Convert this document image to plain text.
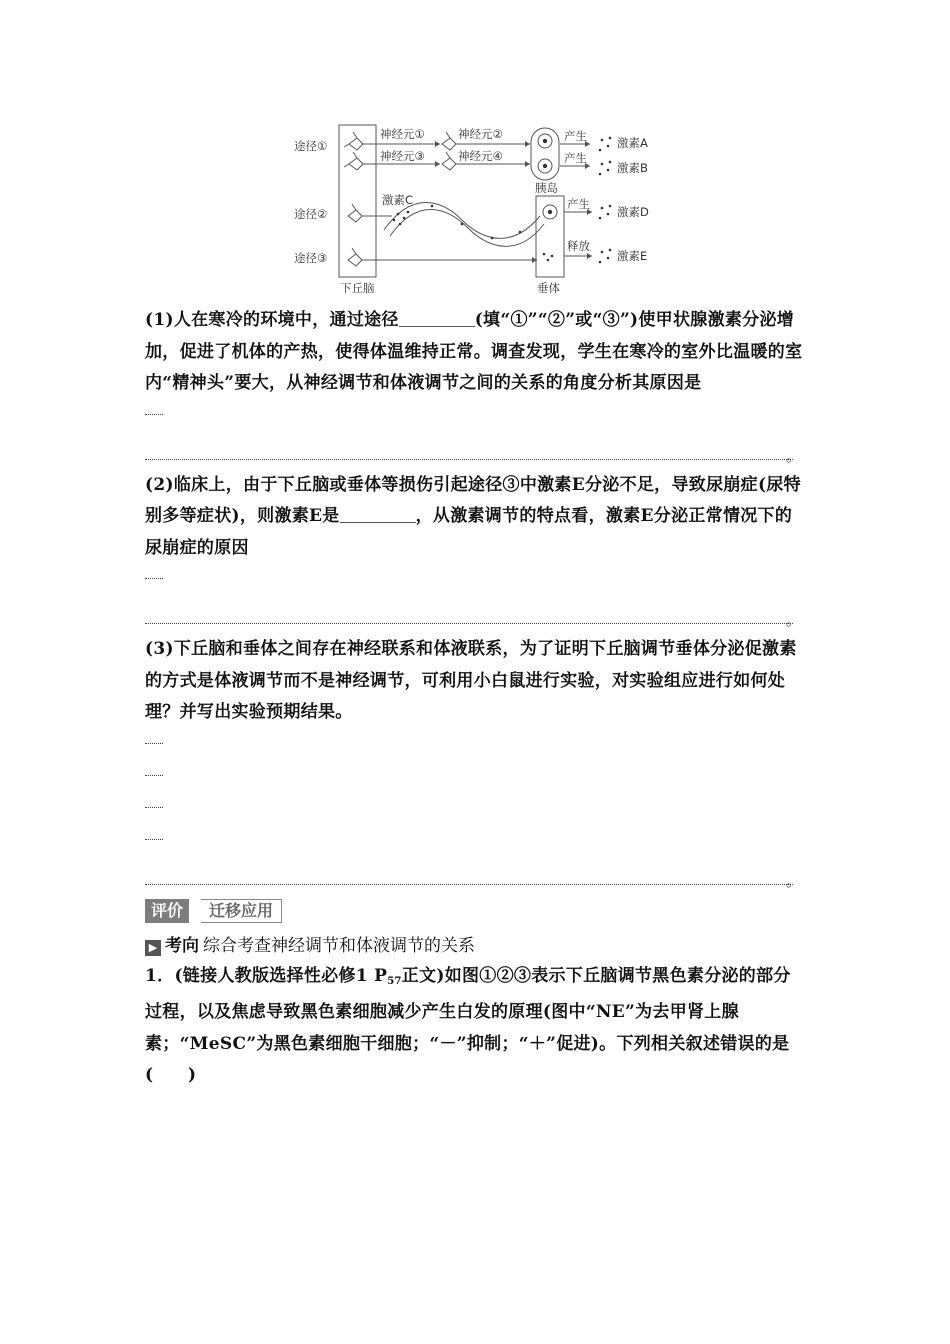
途径①
途径②
途径③
神经元①	神经元②
神经元③	神经元④
产生
产生
产生
释放
激素A
激素B
激素C
激素D
激素E
胰岛
下丘脑	垂体

(1)人在寒冷的环境中，通过途径	(填“①”“②”或“③”)使甲状腺激素分泌增加，促进了机体的产热，使得体温维持正常。调查发现，学生在寒冷的室外比温暖的室内“精神头”要大，从神经调节和体液调节之间的关系的角度分析其原因是

。

(2)临床上，由于下丘脑或垂体等损伤引起途径③中激素E分泌不足，导致尿崩症(尿特别多等症状)，则激素E是	，从激素调节的特点看，激素E分泌正常情况下的尿崩症的原因

。

(3)下丘脑和垂体之间存在神经联系和体液联系，为了证明下丘脑调节垂体分泌促激素的方式是体液调节而不是神经调节，可利用小白鼠进行实验，对实验组应进行如何处理？并写出实验预期结果。

。
评价	迁移应用
▶ 考向 综合考查神经调节和体液调节的关系

1．(链接人教版选择性必修1 $P_{57}$正文)如图①②③表示下丘脑调节黑色素分泌的部分过程，以及焦虑导致黑色素细胞减少产生白发的原理(图中“NE”为去甲肾上腺素；“MeSC”为黑色素细胞干细胞；“－”抑制；“＋”促进)。下列相关叙述错误的是(　　)
